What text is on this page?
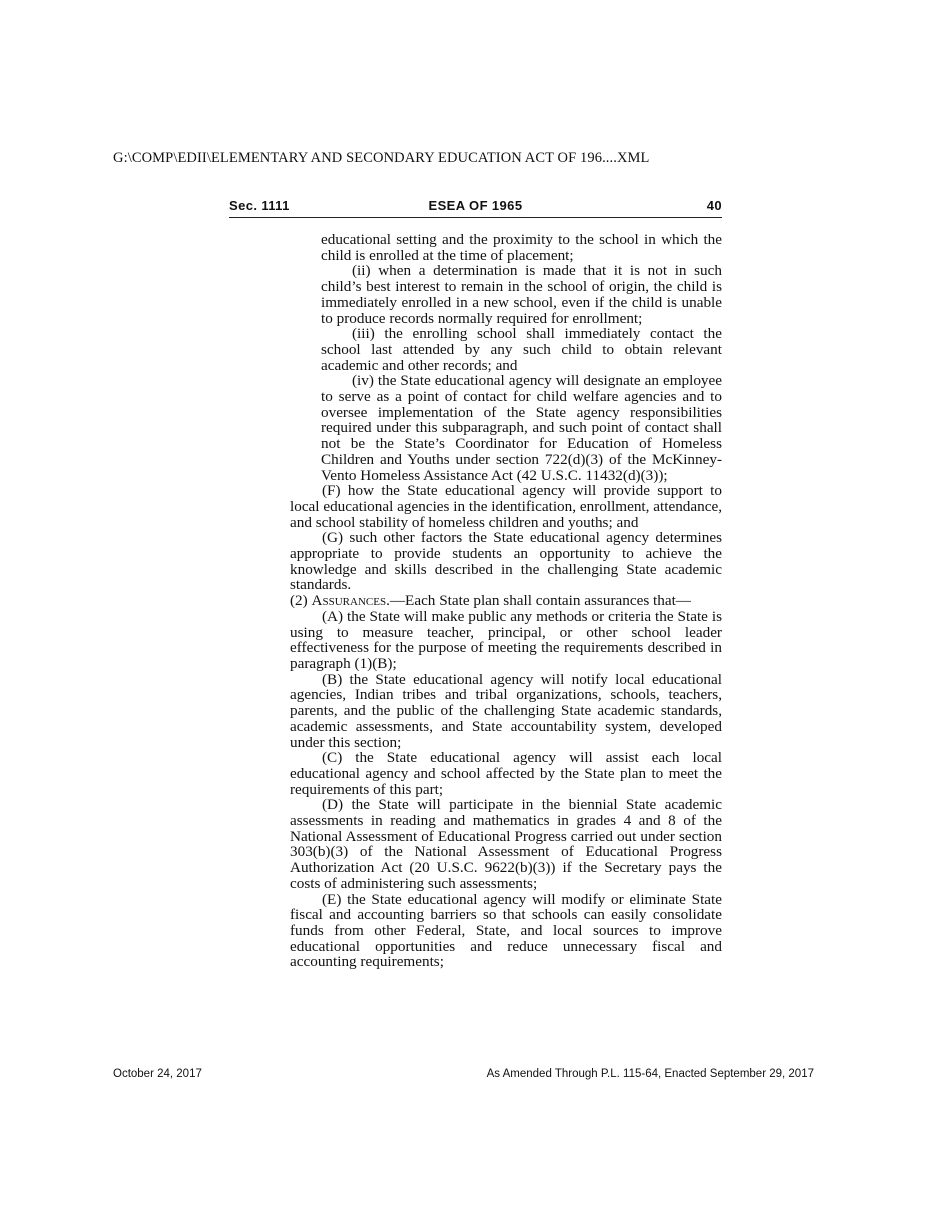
G:\COMP\EDII\ELEMENTARY AND SECONDARY EDUCATION ACT OF 196....XML
Sec. 1111	ESEA OF 1965	40

educational setting and the proximity to the school in which the child is enrolled at the time of placement;

(ii) when a determination is made that it is not in such child’s best interest to remain in the school of origin, the child is immediately enrolled in a new school, even if the child is unable to produce records normally required for enrollment;

(iii) the enrolling school shall immediately contact the school last attended by any such child to obtain relevant academic and other records; and

(iv) the State educational agency will designate an employee to serve as a point of contact for child welfare agencies and to oversee implementation of the State agency responsibilities required under this subparagraph, and such point of contact shall not be the State’s Coordinator for Education of Homeless Children and Youths under section 722(d)(3) of the McKinney-Vento Homeless Assistance Act (42 U.S.C. 11432(d)(3));

(F) how the State educational agency will provide support to local educational agencies in the identification, enrollment, attendance, and school stability of homeless children and youths; and

(G) such other factors the State educational agency determines appropriate to provide students an opportunity to achieve the knowledge and skills described in the challenging State academic standards.

(2) Assurances.—Each State plan shall contain assurances that—

(A) the State will make public any methods or criteria the State is using to measure teacher, principal, or other school leader effectiveness for the purpose of meeting the requirements described in paragraph (1)(B);

(B) the State educational agency will notify local educational agencies, Indian tribes and tribal organizations, schools, teachers, parents, and the public of the challenging State academic standards, academic assessments, and State accountability system, developed under this section;

(C) the State educational agency will assist each local educational agency and school affected by the State plan to meet the requirements of this part;

(D) the State will participate in the biennial State academic assessments in reading and mathematics in grades 4 and 8 of the National Assessment of Educational Progress carried out under section 303(b)(3) of the National Assessment of Educational Progress Authorization Act (20 U.S.C. 9622(b)(3)) if the Secretary pays the costs of administering such assessments;

(E) the State educational agency will modify or eliminate State fiscal and accounting barriers so that schools can easily consolidate funds from other Federal, State, and local sources to improve educational opportunities and reduce unnecessary fiscal and accounting requirements;

October 24, 2017	As Amended Through P.L. 115-64, Enacted September 29, 2017
